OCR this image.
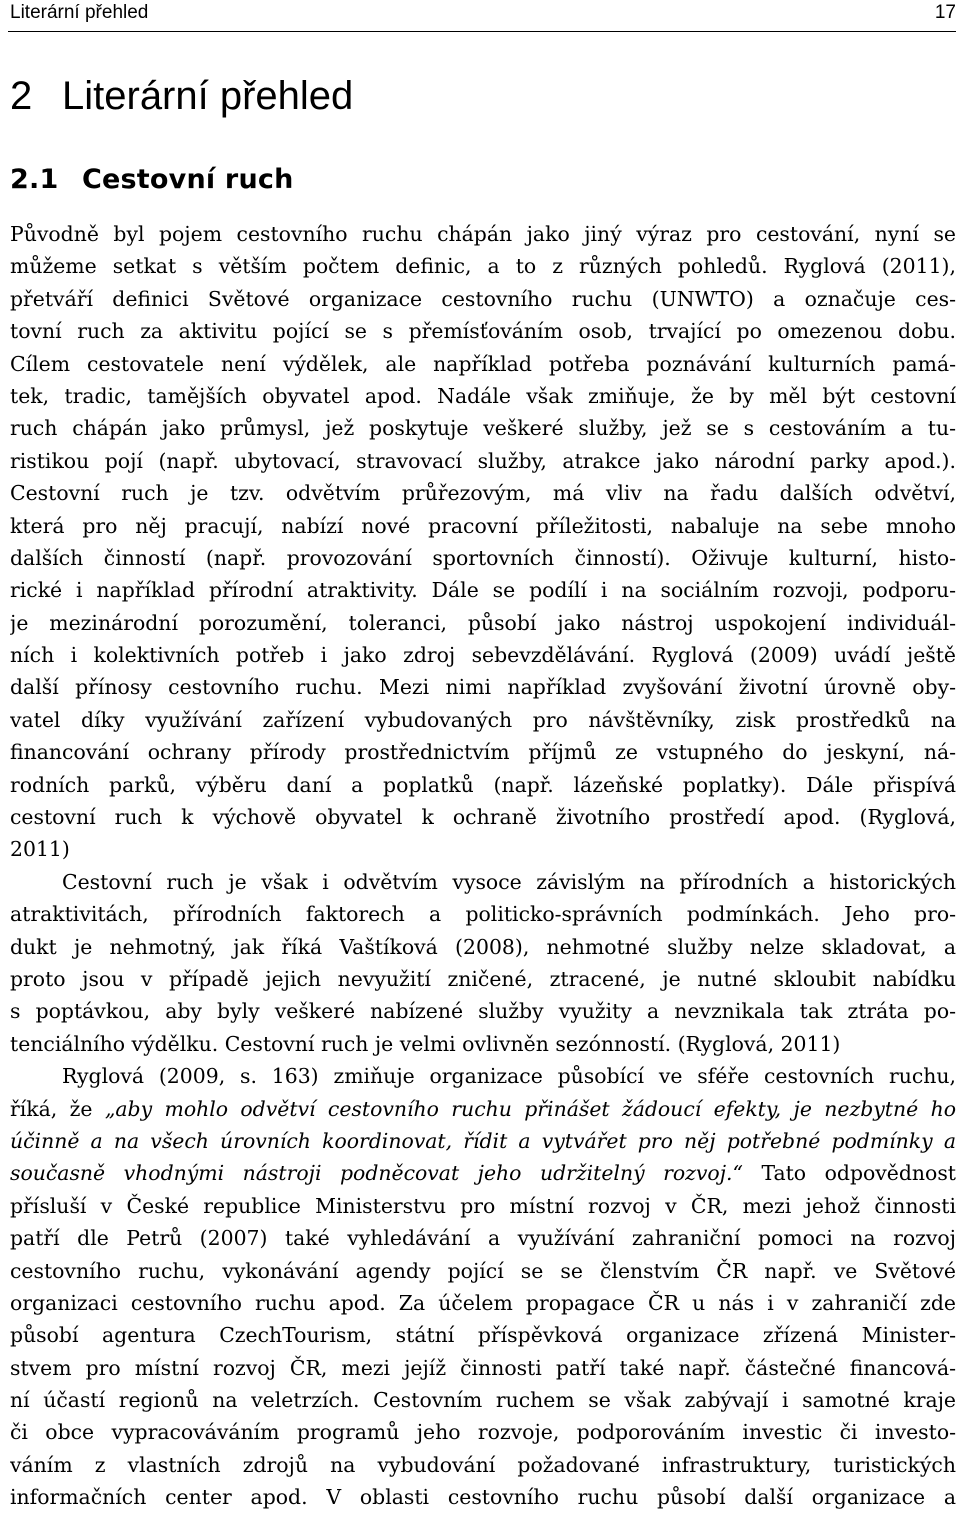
Literární přehled	17
2 Literární přehled
2.1 Cestovní ruch
Původně byl pojem cestovního ruchu chápán jako jiný výraz pro cestování, nyní se
můžeme setkat s větším počtem definic, a to z různých pohledů. Ryglová (2011),
přetváří definici Světové organizace cestovního ruchu (UNWTO) a označuje ces-
tovní ruch za aktivitu pojící se s přemísťováním osob, trvající po omezenou dobu.
Cílem cestovatele není výdělek, ale například potřeba poznávání kulturních pamá-
tek, tradic, tamějších obyvatel apod. Nadále však zmiňuje, že by měl být cestovní
ruch chápán jako průmysl, jež poskytuje veškeré služby, jež se s cestováním a tu-
ristikou pojí (např. ubytovací, stravovací služby, atrakce jako národní parky apod.).
Cestovní ruch je tzv. odvětvím průřezovým, má vliv na řadu dalších odvětví,
která pro něj pracují, nabízí nové pracovní příležitosti, nabaluje na sebe mnoho
dalších činností (např. provozování sportovních činností). Oživuje kulturní, histo-
rické i například přírodní atraktivity. Dále se podílí i na sociálním rozvoji, podporu-
je mezinárodní porozumění, toleranci, působí jako nástroj uspokojení individuál-
ních i kolektivních potřeb i jako zdroj sebevzdělávání. Ryglová (2009) uvádí ještě
další přínosy cestovního ruchu. Mezi nimi například zvyšování životní úrovně oby-
vatel díky využívání zařízení vybudovaných pro návštěvníky, zisk prostředků na
financování ochrany přírody prostřednictvím příjmů ze vstupného do jeskyní, ná-
rodních parků, výběru daní a poplatků (např. lázeňské poplatky). Dále přispívá
cestovní ruch k výchově obyvatel k ochraně životního prostředí apod. (Ryglová,
2011)
Cestovní ruch je však i odvětvím vysoce závislým na přírodních a historických
atraktivitách, přírodních faktorech a politicko-správních podmínkách. Jeho pro-
dukt je nehmotný, jak říká Vaštíková (2008), nehmotné služby nelze skladovat, a
proto jsou v případě jejich nevyužití zničené, ztracené, je nutné skloubit nabídku
s poptávkou, aby byly veškeré nabízené služby využity a nevznikala tak ztráta po-
tenciálního výdělku. Cestovní ruch je velmi ovlivněn sezónností. (Ryglová, 2011)
Ryglová (2009, s. 163) zmiňuje organizace působící ve sféře cestovních ruchu,
říká, že „aby mohlo odvětví cestovního ruchu přinášet žádoucí efekty, je nezbytné ho
účinně a na všech úrovních koordinovat, řídit a vytvářet pro něj potřebné podmínky a
současně vhodnými nástroji podněcovat jeho udržitelný rozvoj.“ Tato odpovědnost
přísluší v České republice Ministerstvu pro místní rozvoj v ČR, mezi jehož činnosti
patří dle Petrů (2007) také vyhledávání a využívání zahraniční pomoci na rozvoj
cestovního ruchu, vykonávání agendy pojící se se členstvím ČR např. ve Světové
organizaci cestovního ruchu apod. Za účelem propagace ČR u nás i v zahraničí zde
působí agentura CzechTourism, státní příspěvková organizace zřízená Minister-
stvem pro místní rozvoj ČR, mezi jejíž činnosti patří také např. částečné financová-
ní účastí regionů na veletrzích. Cestovním ruchem se však zabývají i samotné kraje
či obce vypracováváním programů jeho rozvoje, podporováním investic či investo-
váním z vlastních zdrojů na vybudování požadované infrastruktury, turistických
informačních center apod. V oblasti cestovního ruchu působí další organizace a
